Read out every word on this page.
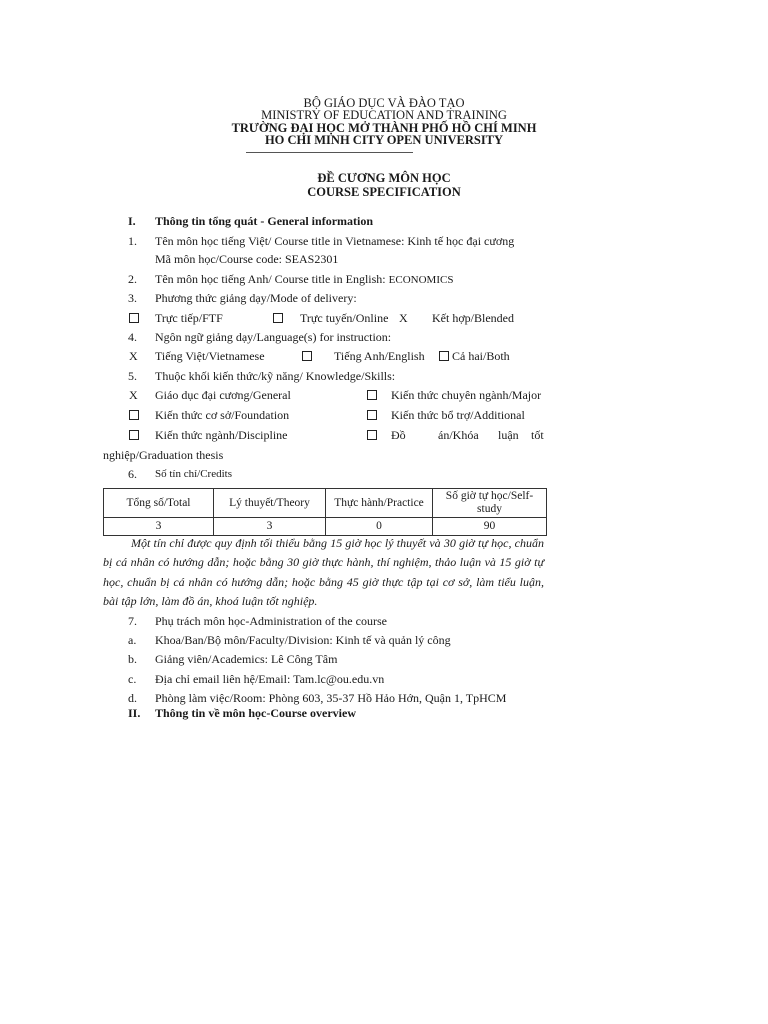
BỘ GIÁO DỤC VÀ ĐÀO TẠO
MINISTRY OF EDUCATION AND TRAINING
TRƯỜNG ĐẠI HỌC MỞ THÀNH PHỐ HỒ CHÍ MINH
HO CHI MINH CITY OPEN UNIVERSITY
ĐỀ CƯƠNG MÔN HỌC
COURSE SPECIFICATION
I. Thông tin tổng quát - General information
1. Tên môn học tiếng Việt/ Course title in Vietnamese: Kinh tế học đại cương
Mã môn học/Course code: SEAS2301
2. Tên môn học tiếng Anh/ Course title in English: ECONOMICS
3. Phương thức giảng dạy/Mode of delivery:
Trực tiếp/FTF	Trực tuyến/Online X Kết hợp/Blended
4. Ngôn ngữ giảng dạy/Language(s) for instruction:
X Tiếng Việt/Vietnamese	Tiếng Anh/English Cả hai/Both
5. Thuộc khối kiến thức/kỹ năng/ Knowledge/Skills:
X Giáo dục đại cương/General	Kiến thức chuyên ngành/Major
Kiến thức cơ sở/Foundation	Kiến thức bổ trợ/Additional
Kiến thức ngành/Discipline	Đồ	án/Khóa luận tốt
nghiệp/Graduation thesis
6. Số tín chỉ/Credits
Tổng số/Total	Lý thuyết/Theory	Thực hành/Practice	Số giờ tự học/Self-study
3	3	0	90
Một tín chỉ được quy định tối thiểu bằng 15 giờ học lý thuyết và 30 giờ tự học, chuẩn
bị cá nhân có hướng dẫn; hoặc bằng 30 giờ thực hành, thí nghiệm, thảo luận và 15 giờ tự
học, chuẩn bị cá nhân có hướng dẫn; hoặc bằng 45 giờ thực tập tại cơ sở, làm tiểu luận,
bài tập lớn, làm đồ án, khoá luận tốt nghiệp.
7. Phụ trách môn học-Administration of the course
a. Khoa/Ban/Bộ môn/Faculty/Division: Kinh tế và quản lý công
b. Giảng viên/Academics: Lê Công Tâm
c. Địa chỉ email liên hệ/Email: Tam.lc@ou.edu.vn
d. Phòng làm việc/Room: Phòng 603, 35-37 Hồ Hảo Hớn, Quận 1, TpHCM
II. Thông tin về môn học-Course overview
